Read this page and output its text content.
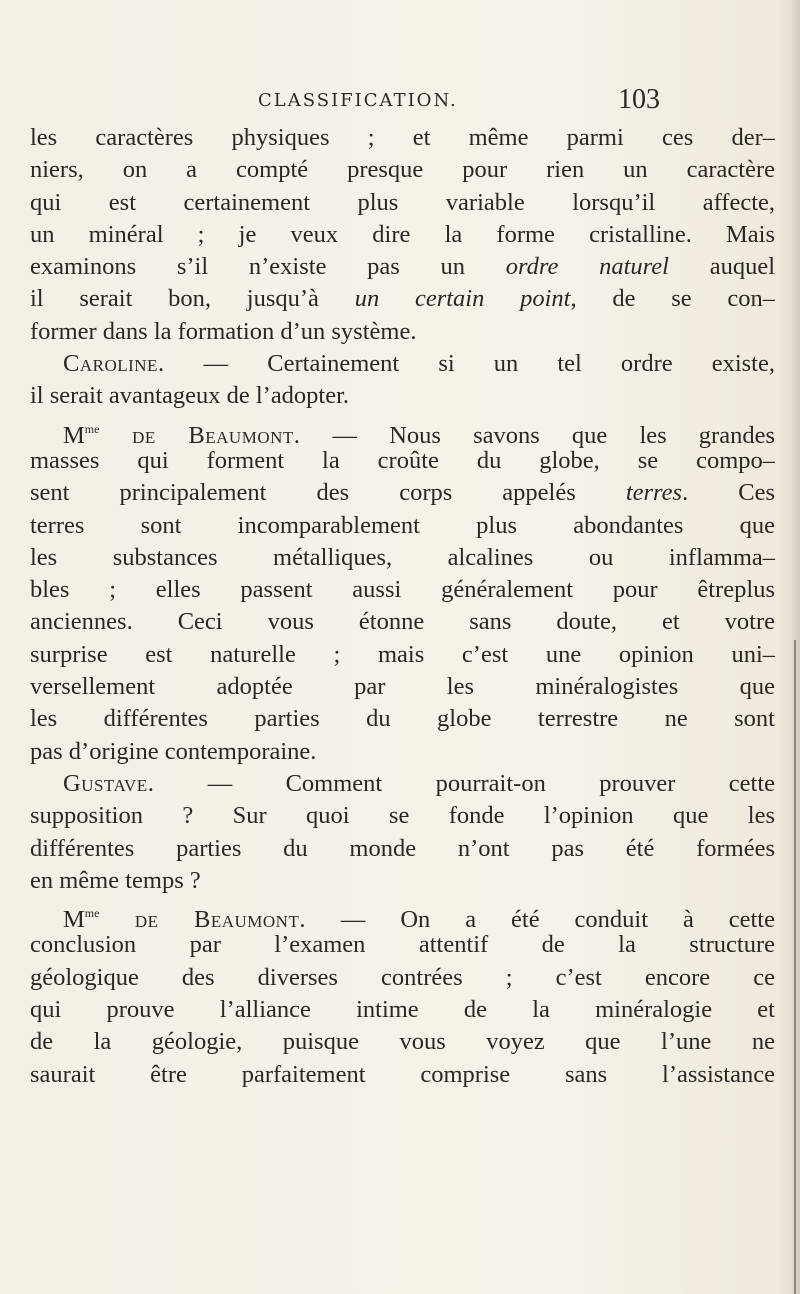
CLASSIFICATION.	103
les caractères physiques ; et même parmi ces der–
niers, on a compté presque pour rien un caractère
qui est certainement plus variable lorsqu’il affecte,
un minéral ; je veux dire la forme cristalline. Mais
examinons s’il n’existe pas un ordre naturel auquel
il serait bon, jusqu’à un certain point, de se con–
former dans la formation d’un système.
Caroline. — Certainement si un tel ordre existe,
il serait avantageux de l’adopter.
$M^{me}$ de Beaumont. — Nous savons que les grandes
masses qui forment la croûte du globe, se compo–
sent principalement des corps appelés terres. Ces
terres sont incomparablement plus abondantes que
les substances métalliques, alcalines ou inflamma–
bles ; elles passent aussi généralement pour êtreplus
anciennes. Ceci vous étonne sans doute, et votre
surprise est naturelle ; mais c’est une opinion uni–
versellement adoptée par les minéralogistes que
les différentes parties du globe terrestre ne sont
pas d’origine contemporaine.
Gustave. — Comment pourrait-on prouver cette
supposition ? Sur quoi se fonde l’opinion que les
différentes parties du monde n’ont pas été formées
en même temps ?
$M^{me}$ de Beaumont. — On a été conduit à cette
conclusion par l’examen attentif de la structure
géologique des diverses contrées ; c’est encore ce
qui prouve l’alliance intime de la minéralogie et
de la géologie, puisque vous voyez que l’une ne
saurait être parfaitement comprise sans l’assistance
